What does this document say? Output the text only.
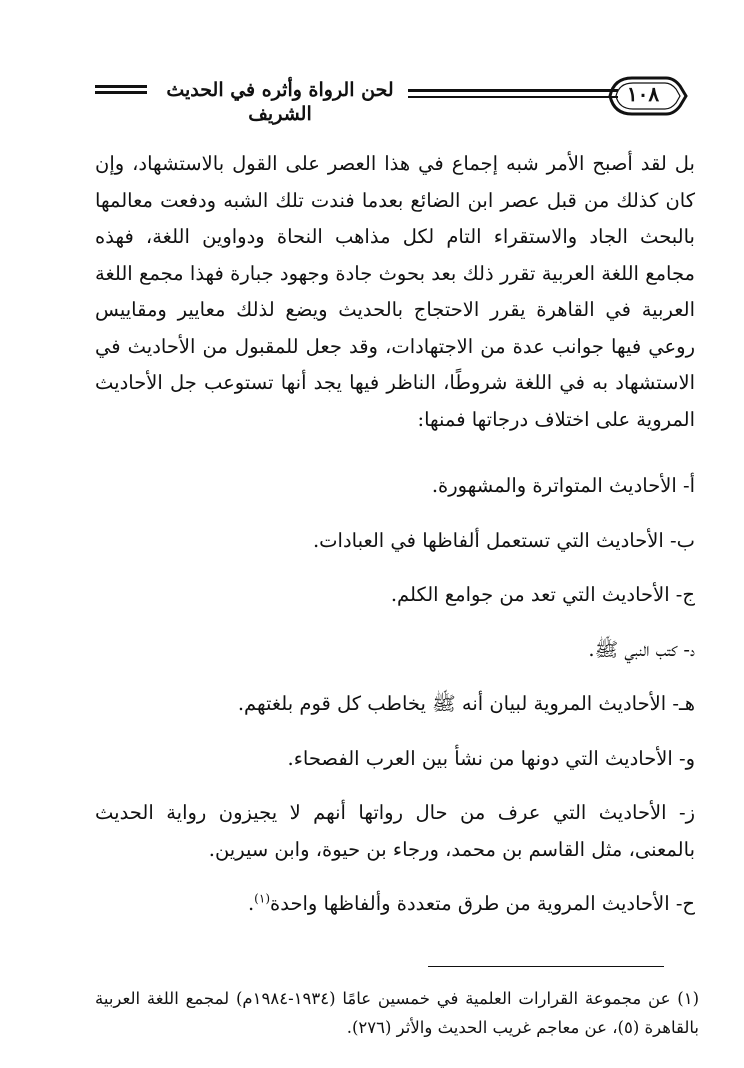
لحن الرواة وأثره في الحديث الشريف
١٠٨

بل لقد أصبح الأمر شبه إجماع في هذا العصر على القول بالاستشهاد، وإن كان كذلك من قبل عصر ابن الضائع بعدما فندت تلك الشبه ودفعت معالمها بالبحث الجاد والاستقراء التام لكل مذاهب النحاة ودواوين اللغة، فهذه مجامع اللغة العربية تقرر ذلك بعد بحوث جادة وجهود جبارة فهذا مجمع اللغة العربية في القاهرة يقرر الاحتجاج بالحديث ويضع لذلك معايير ومقاييس روعي فيها جوانب عدة من الاجتهادات، وقد جعل للمقبول من الأحاديث في الاستشهاد به في اللغة شروطًا، الناظر فيها يجد أنها تستوعب جل الأحاديث المروية على اختلاف درجاتها فمنها:

أ- الأحاديث المتواترة والمشهورة.

ب- الأحاديث التي تستعمل ألفاظها في العبادات.

ج- الأحاديث التي تعد من جوامع الكلم.

د- كتب النبي ﷺ.

هـ- الأحاديث المروية لبيان أنه ﷺ يخاطب كل قوم بلغتهم.

و- الأحاديث التي دونها من نشأ بين العرب الفصحاء.

ز- الأحاديث التي عرف من حال رواتها أنهم لا يجيزون رواية الحديث بالمعنى، مثل القاسم بن محمد، ورجاء بن حيوة، وابن سيرين.

ح- الأحاديث المروية من طرق متعددة وألفاظها واحدة$^{(١)}$.

(١) عن مجموعة القرارات العلمية في خمسين عامًا (١٩٣٤-١٩٨٤م) لمجمع اللغة العربية بالقاهرة (٥)، عن معاجم غريب الحديث والأثر (٢٧٦).
